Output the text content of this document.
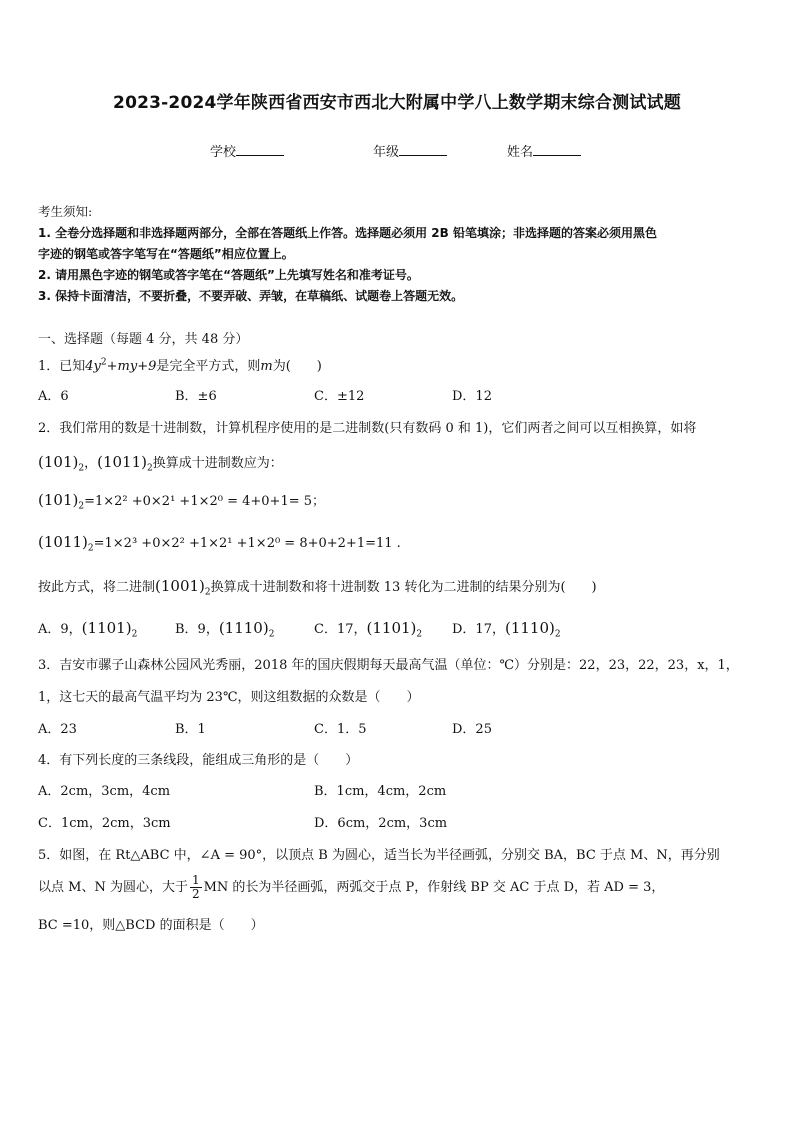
2023-2024学年陕西省西安市西北大附属中学八上数学期末综合测试试题
学校	年级	姓名
考生须知:
1. 全卷分选择题和非选择题两部分，全部在答题纸上作答。选择题必须用 2B 铅笔填涂；非选择题的答案必须用黑色
字迹的钢笔或答字笔写在“答题纸”相应位置上。
2. 请用黑色字迹的钢笔或答字笔在“答题纸”上先填写姓名和准考证号。
3. 保持卡面清洁，不要折叠，不要弄破、弄皱，在草稿纸、试题卷上答题无效。
一、选择题（每题 4 分，共 48 分）
1．已知$4y^2+my+9$是完全平方式，则m为(　　)
A．6	B．±6	C．±12	D．12
2．我们常用的数是十进制数，计算机程序使用的是二进制数(只有数码 0 和 1)，它们两者之间可以互相换算，如将
$(101)_2$，$(1011)_2$换算成十进制数应为：
$(101)_2=1\times 2^2 +0\times 2^1 +1\times 2^0 = 4+0+1= 5$；
$(1011)_2=1\times 2^3 +0\times 2^2 +1\times 2^1 +1\times 2^0 = 8+0+2+1=11$ .
按此方式，将二进制$(1001)_2$换算成十进制数和将十进制数 13 转化为二进制的结果分别为(　　)
A．9，$(1101)_2$	B．9，$(1110)_2$	C．17，$(1101)_2$ D．17，$(1110)_2$
3．吉安市骡子山森林公园风光秀丽，2018 年的国庆假期每天最高气温（单位：℃）分别是：22，23，22，23，x，1，
1，这七天的最高气温平均为 23℃，则这组数据的众数是（　　）
A．23	B．1	C．1．5	D．25
4．有下列长度的三条线段，能组成三角形的是（　　）
A．2cm，3cm，4cm	B．1cm，4cm，2cm
C．1cm，2cm，3cm	D．6cm，2cm，3cm
5．如图，在 Rt△ABC 中，∠A = 90°，以顶点 B 为圆心，适当长为半径画弧，分别交 BA，BC 于点 M、N，再分别
以点 M、N 为圆心，大于 $\frac{1}{2}$ MN 的长为半径画弧，两弧交于点 P，作射线 BP 交 AC 于点 D，若 AD = 3，
BC =10，则△BCD 的面积是（　　）
